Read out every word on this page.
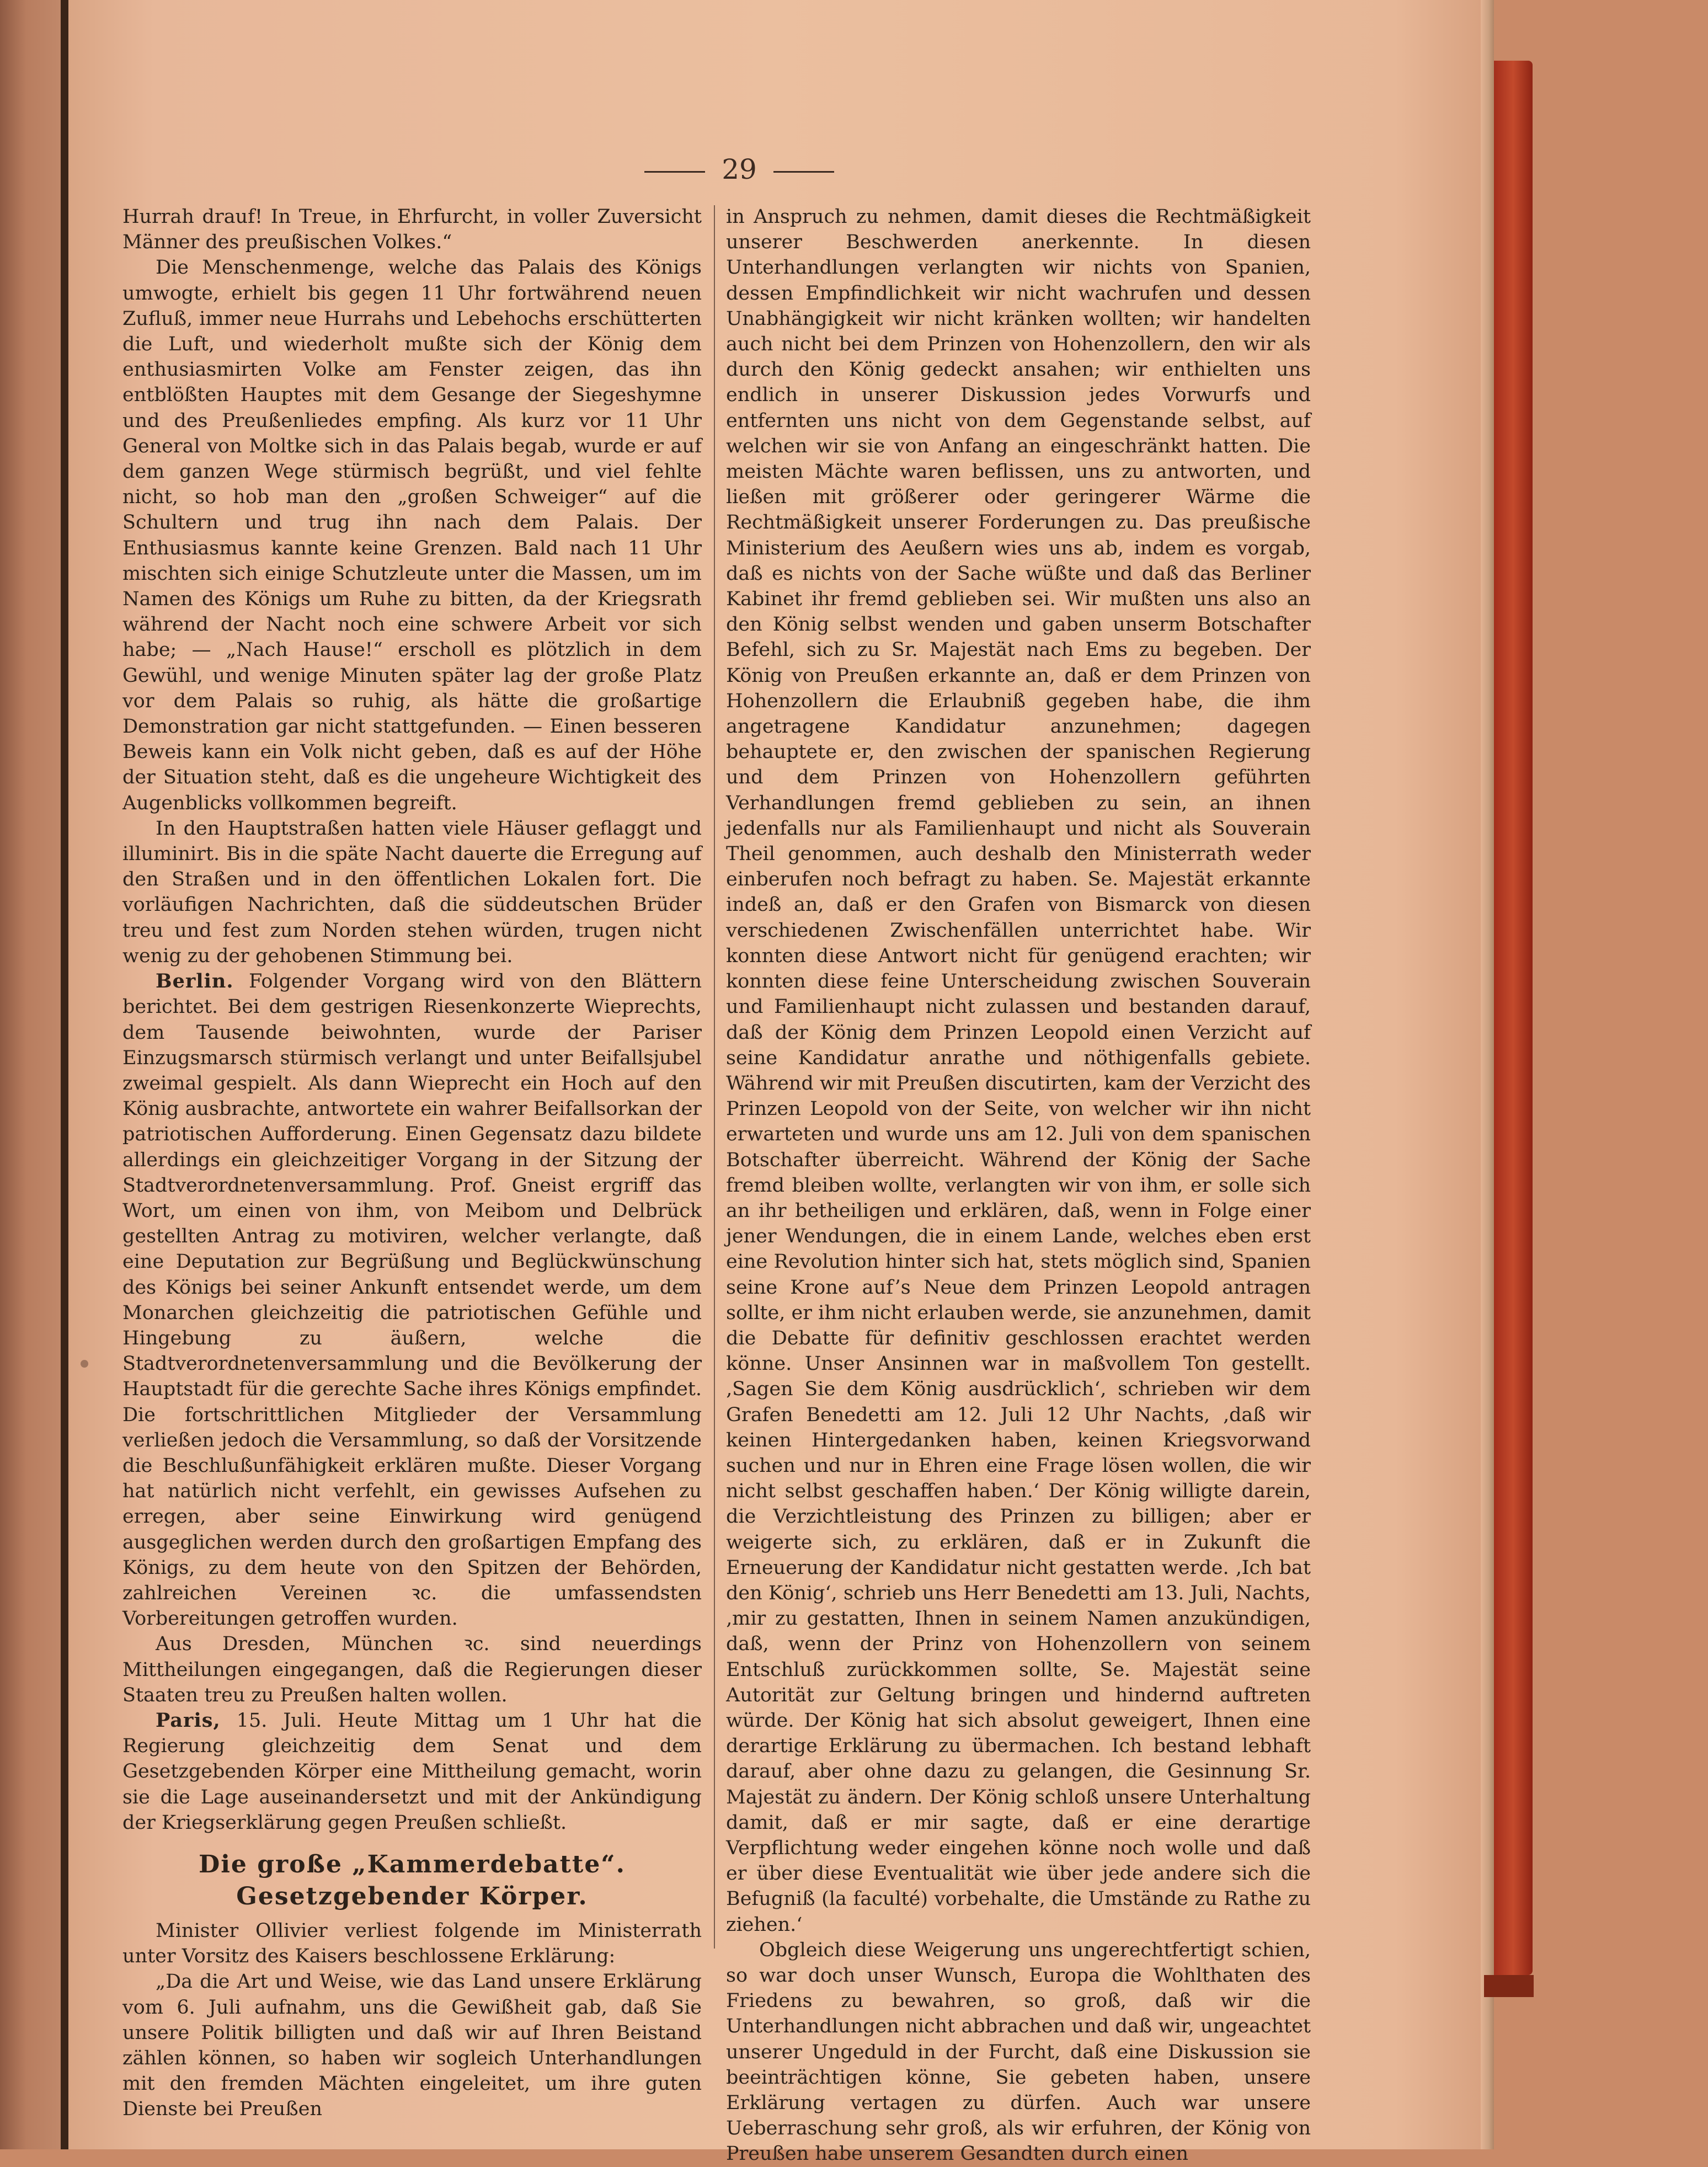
29

Hurrah drauf! In Treue, in Ehrfurcht, in voller Zuversicht Männer des preußischen Volkes.“

Die Menschenmenge, welche das Palais des Königs umwogte, erhielt bis gegen 11 Uhr fortwährend neuen Zufluß, immer neue Hurrahs und Lebehochs erschütterten die Luft, und wiederholt mußte sich der König dem enthusiasmirten Volke am Fenster zeigen, das ihn entblößten Hauptes mit dem Gesange der Siegeshymne und des Preußenliedes empfing. Als kurz vor 11 Uhr General von Moltke sich in das Palais begab, wurde er auf dem ganzen Wege stürmisch begrüßt, und viel fehlte nicht, so hob man den „großen Schweiger“ auf die Schultern und trug ihn nach dem Palais. Der Enthusiasmus kannte keine Grenzen. Bald nach 11 Uhr mischten sich einige Schutzleute unter die Massen, um im Namen des Königs um Ruhe zu bitten, da der Kriegsrath während der Nacht noch eine schwere Arbeit vor sich habe; — „Nach Hause!“ erscholl es plötzlich in dem Gewühl, und wenige Minuten später lag der große Platz vor dem Palais so ruhig, als hätte die großartige Demonstration gar nicht stattgefunden. — Einen besseren Beweis kann ein Volk nicht geben, daß es auf der Höhe der Situation steht, daß es die ungeheure Wichtigkeit des Augenblicks vollkommen begreift.

In den Hauptstraßen hatten viele Häuser geflaggt und illuminirt. Bis in die späte Nacht dauerte die Erregung auf den Straßen und in den öffentlichen Lokalen fort. Die vorläufigen Nachrichten, daß die süddeutschen Brüder treu und fest zum Norden stehen würden, trugen nicht wenig zu der gehobenen Stimmung bei.

Berlin. Folgender Vorgang wird von den Blättern berichtet. Bei dem gestrigen Riesenkonzerte Wieprechts, dem Tausende beiwohnten, wurde der Pariser Einzugsmarsch stürmisch verlangt und unter Beifallsjubel zweimal gespielt. Als dann Wieprecht ein Hoch auf den König ausbrachte, antwortete ein wahrer Beifallsorkan der patriotischen Aufforderung. Einen Gegensatz dazu bildete allerdings ein gleichzeitiger Vorgang in der Sitzung der Stadtverordnetenversammlung. Prof. Gneist ergriff das Wort, um einen von ihm, von Meibom und Delbrück gestellten Antrag zu motiviren, welcher verlangte, daß eine Deputation zur Begrüßung und Beglückwünschung des Königs bei seiner Ankunft entsendet werde, um dem Monarchen gleichzeitig die patriotischen Gefühle und Hingebung zu äußern, welche die Stadtverordnetenversammlung und die Bevölkerung der Hauptstadt für die gerechte Sache ihres Königs empfindet. Die fortschrittlichen Mitglieder der Versammlung verließen jedoch die Versammlung, so daß der Vorsitzende die Beschlußunfähigkeit erklären mußte. Dieser Vorgang hat natürlich nicht verfehlt, ein gewisses Aufsehen zu erregen, aber seine Einwirkung wird genügend ausgeglichen werden durch den großartigen Empfang des Königs, zu dem heute von den Spitzen der Behörden, zahlreichen Vereinen ꝛc. die umfassendsten Vorbereitungen getroffen wurden.

Aus Dresden, München ꝛc. sind neuerdings Mittheilungen eingegangen, daß die Regierungen dieser Staaten treu zu Preußen halten wollen.

Paris, 15. Juli. Heute Mittag um 1 Uhr hat die Regierung gleichzeitig dem Senat und dem Gesetzgebenden Körper eine Mittheilung gemacht, worin sie die Lage auseinandersetzt und mit der Ankündigung der Kriegserklärung gegen Preußen schließt.

Die große „Kammerdebatte“.
Gesetzgebender Körper.

Minister Ollivier verliest folgende im Ministerrath unter Vorsitz des Kaisers beschlossene Erklärung:

„Da die Art und Weise, wie das Land unsere Erklärung vom 6. Juli aufnahm, uns die Gewißheit gab, daß Sie unsere Politik billigten und daß wir auf Ihren Beistand zählen können, so haben wir sogleich Unterhandlungen mit den fremden Mächten eingeleitet, um ihre guten Dienste bei Preußen

in Anspruch zu nehmen, damit dieses die Rechtmäßigkeit unserer Beschwerden anerkennte. In diesen Unterhandlungen verlangten wir nichts von Spanien, dessen Empfindlichkeit wir nicht wachrufen und dessen Unabhängigkeit wir nicht kränken wollten; wir handelten auch nicht bei dem Prinzen von Hohenzollern, den wir als durch den König gedeckt ansahen; wir enthielten uns endlich in unserer Diskussion jedes Vorwurfs und entfernten uns nicht von dem Gegenstande selbst, auf welchen wir sie von Anfang an eingeschränkt hatten. Die meisten Mächte waren beflissen, uns zu antworten, und ließen mit größerer oder geringerer Wärme die Rechtmäßigkeit unserer Forderungen zu. Das preußische Ministerium des Aeußern wies uns ab, indem es vorgab, daß es nichts von der Sache wüßte und daß das Berliner Kabinet ihr fremd geblieben sei. Wir mußten uns also an den König selbst wenden und gaben unserm Botschafter Befehl, sich zu Sr. Majestät nach Ems zu begeben. Der König von Preußen erkannte an, daß er dem Prinzen von Hohenzollern die Erlaubniß gegeben habe, die ihm angetragene Kandidatur anzunehmen; dagegen behauptete er, den zwischen der spanischen Regierung und dem Prinzen von Hohenzollern geführten Verhandlungen fremd geblieben zu sein, an ihnen jedenfalls nur als Familienhaupt und nicht als Souverain Theil genommen, auch deshalb den Ministerrath weder einberufen noch befragt zu haben. Se. Majestät erkannte indeß an, daß er den Grafen von Bismarck von diesen verschiedenen Zwischenfällen unterrichtet habe. Wir konnten diese Antwort nicht für genügend erachten; wir konnten diese feine Unterscheidung zwischen Souverain und Familienhaupt nicht zulassen und bestanden darauf, daß der König dem Prinzen Leopold einen Verzicht auf seine Kandidatur anrathe und nöthigenfalls gebiete. Während wir mit Preußen discutirten, kam der Verzicht des Prinzen Leopold von der Seite, von welcher wir ihn nicht erwarteten und wurde uns am 12. Juli von dem spanischen Botschafter überreicht. Während der König der Sache fremd bleiben wollte, verlangten wir von ihm, er solle sich an ihr betheiligen und erklären, daß, wenn in Folge einer jener Wendungen, die in einem Lande, welches eben erst eine Revolution hinter sich hat, stets möglich sind, Spanien seine Krone auf’s Neue dem Prinzen Leopold antragen sollte, er ihm nicht erlauben werde, sie anzunehmen, damit die Debatte für definitiv geschlossen erachtet werden könne. Unser Ansinnen war in maßvollem Ton gestellt. ‚Sagen Sie dem König ausdrücklich‘, schrieben wir dem Grafen Benedetti am 12. Juli 12 Uhr Nachts, ‚daß wir keinen Hintergedanken haben, keinen Kriegsvorwand suchen und nur in Ehren eine Frage lösen wollen, die wir nicht selbst geschaffen haben.‘ Der König willigte darein, die Verzichtleistung des Prinzen zu billigen; aber er weigerte sich, zu erklären, daß er in Zukunft die Erneuerung der Kandidatur nicht gestatten werde. ‚Ich bat den König‘, schrieb uns Herr Benedetti am 13. Juli, Nachts, ‚mir zu gestatten, Ihnen in seinem Namen anzukündigen, daß, wenn der Prinz von Hohenzollern von seinem Entschluß zurückkommen sollte, Se. Majestät seine Autorität zur Geltung bringen und hindernd auftreten würde. Der König hat sich absolut geweigert, Ihnen eine derartige Erklärung zu übermachen. Ich bestand lebhaft darauf, aber ohne dazu zu gelangen, die Gesinnung Sr. Majestät zu ändern. Der König schloß unsere Unterhaltung damit, daß er mir sagte, daß er eine derartige Verpflichtung weder eingehen könne noch wolle und daß er über diese Eventualität wie über jede andere sich die Befugniß (la faculté) vorbehalte, die Umstände zu Rathe zu ziehen.‘

Obgleich diese Weigerung uns ungerechtfertigt schien, so war doch unser Wunsch, Europa die Wohlthaten des Friedens zu bewahren, so groß, daß wir die Unterhandlungen nicht abbrachen und daß wir, ungeachtet unserer Ungeduld in der Furcht, daß eine Diskussion sie beeinträchtigen könne, Sie gebeten haben, unsere Erklärung vertagen zu dürfen. Auch war unsere Ueberraschung sehr groß, als wir erfuhren, der König von Preußen habe unserem Gesandten durch einen
